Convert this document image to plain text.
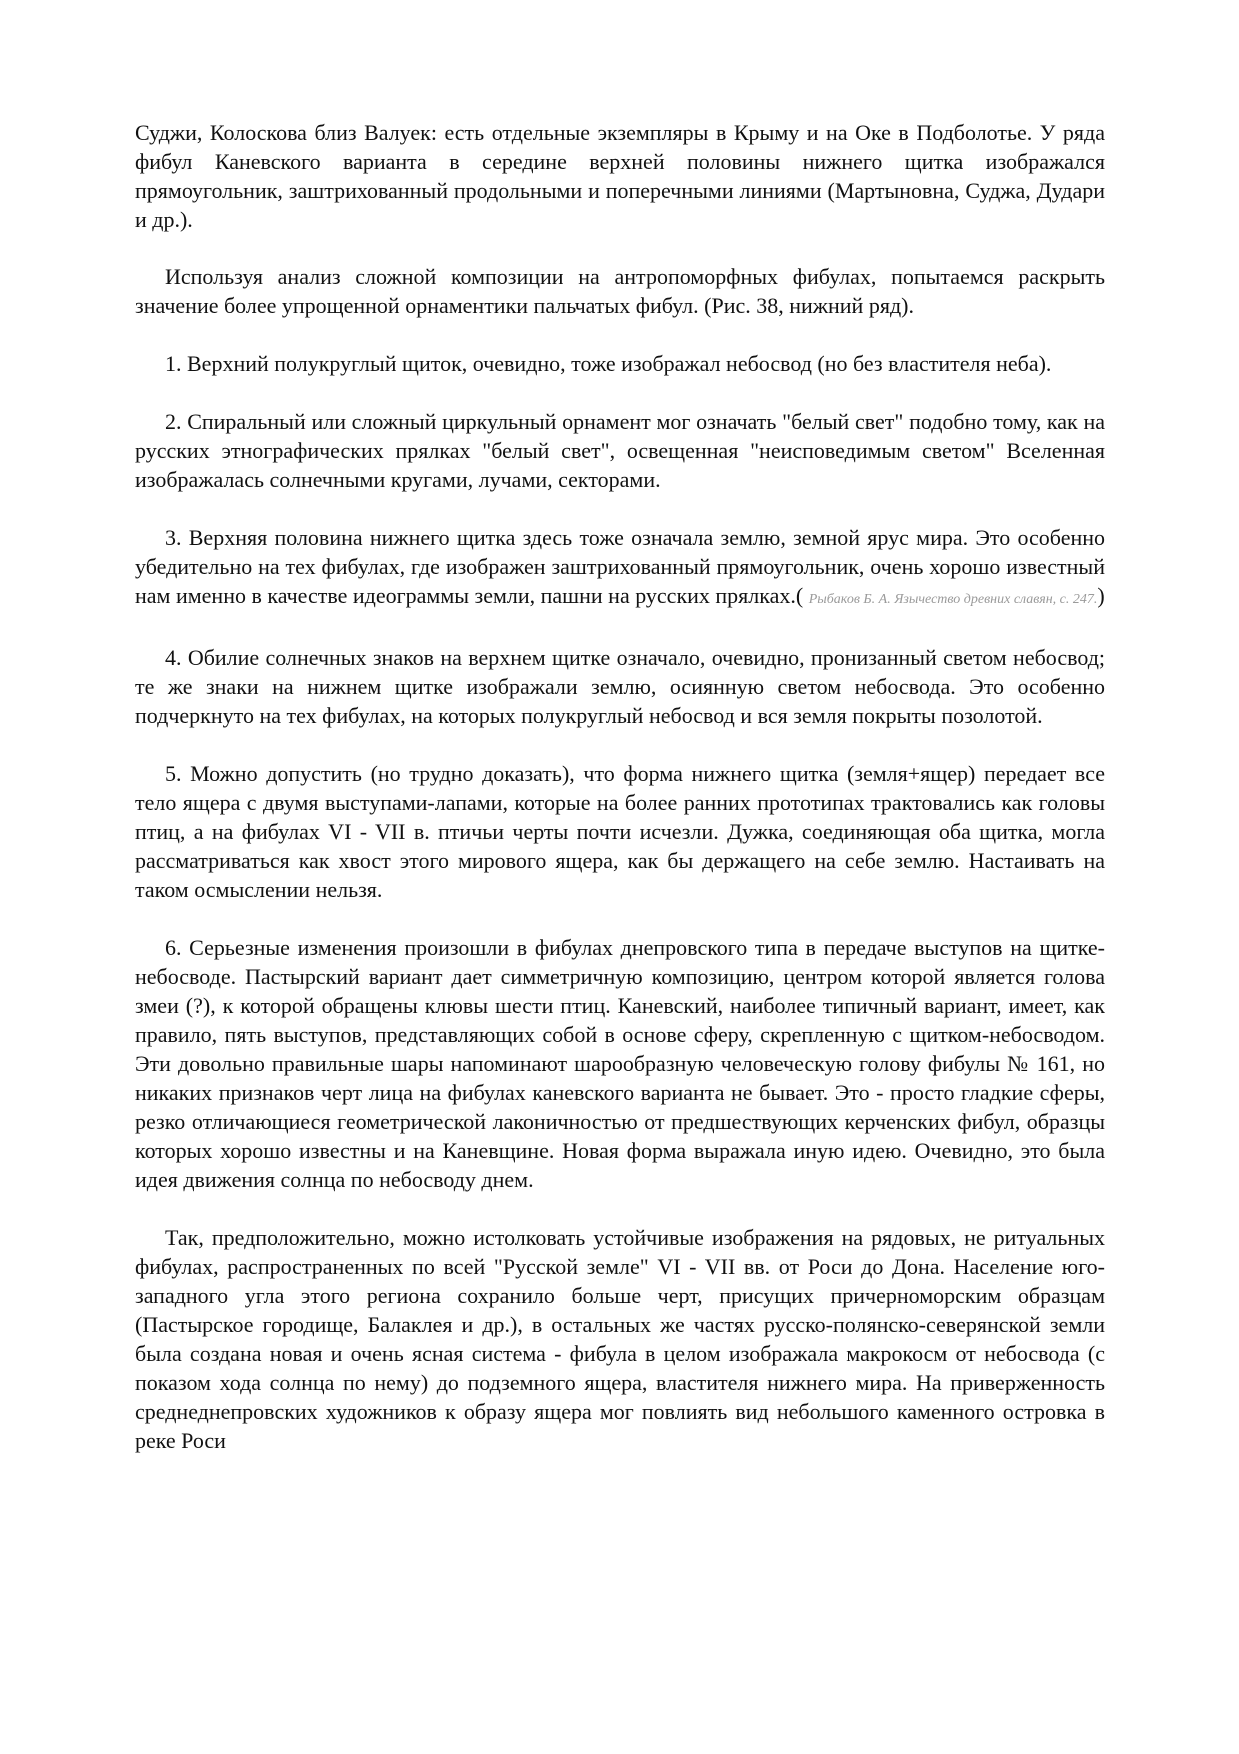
Суджи, Колоскова близ Валуек: есть отдельные экземпляры в Крыму и на Оке в Подболотье. У ряда фибул Каневского варианта в середине верхней половины нижнего щитка изображался прямоугольник, заштрихованный продольными и поперечными линиями (Мартыновна, Суджа, Дудари и др.).

Используя анализ сложной композиции на антропоморфных фибулах, попытаемся раскрыть значение более упрощенной орнаментики пальчатых фибул. (Рис. 38, нижний ряд).

1. Верхний полукруглый щиток, очевидно, тоже изображал небосвод (но без властителя неба).

2. Спиральный или сложный циркульный орнамент мог означать "белый свет" подобно тому, как на русских этнографических прялках "белый свет", освещенная "неисповедимым светом" Вселенная изображалась солнечными кругами, лучами, секторами.

3. Верхняя половина нижнего щитка здесь тоже означала землю, земной ярус мира. Это особенно убедительно на тех фибулах, где изображен заштрихованный прямоугольник, очень хорошо известный нам именно в качестве идеограммы земли, пашни на русских прялках.( Рыбаков Б. А. Язычество древних славян, с. 247.)

4. Обилие солнечных знаков на верхнем щитке означало, очевидно, пронизанный светом небосвод; те же знаки на нижнем щитке изображали землю, осиянную светом небосвода. Это особенно подчеркнуто на тех фибулах, на которых полукруглый небосвод и вся земля покрыты позолотой.

5. Можно допустить (но трудно доказать), что форма нижнего щитка (земля+ящер) передает все тело ящера с двумя выступами-лапами, которые на более ранних прототипах трактовались как головы птиц, а на фибулах VI - VII в. птичьи черты почти исчезли. Дужка, соединяющая оба щитка, могла рассматриваться как хвост этого мирового ящера, как бы держащего на себе землю. Настаивать на таком осмыслении нельзя.

6. Серьезные изменения произошли в фибулах днепровского типа в передаче выступов на щитке-небосводе. Пастырский вариант дает симметричную композицию, центром которой является голова змеи (?), к которой обращены клювы шести птиц. Каневский, наиболее типичный вариант, имеет, как правило, пять выступов, представляющих собой в основе сферу, скрепленную с щитком-небосводом. Эти довольно правильные шары напоминают шарообразную человеческую голову фибулы № 161, но никаких признаков черт лица на фибулах каневского варианта не бывает. Это - просто гладкие сферы, резко отличающиеся геометрической лаконичностью от предшествующих керченских фибул, образцы которых хорошо известны и на Каневщине. Новая форма выражала иную идею. Очевидно, это была идея движения солнца по небосводу днем.

Так, предположительно, можно истолковать устойчивые изображения на рядовых, не ритуальных фибулах, распространенных по всей "Русской земле" VI - VII вв. от Роси до Дона. Население юго-западного угла этого региона сохранило больше черт, присущих причерноморским образцам (Пастырское городище, Балаклея и др.), в остальных же частях русско-полянско-северянской земли была создана новая и очень ясная система - фибула в целом изображала макрокосм от небосвода (с показом хода солнца по нему) до подземного ящера, властителя нижнего мира. На приверженность среднеднепровских художников к образу ящера мог повлиять вид небольшого каменного островка в реке Роси
